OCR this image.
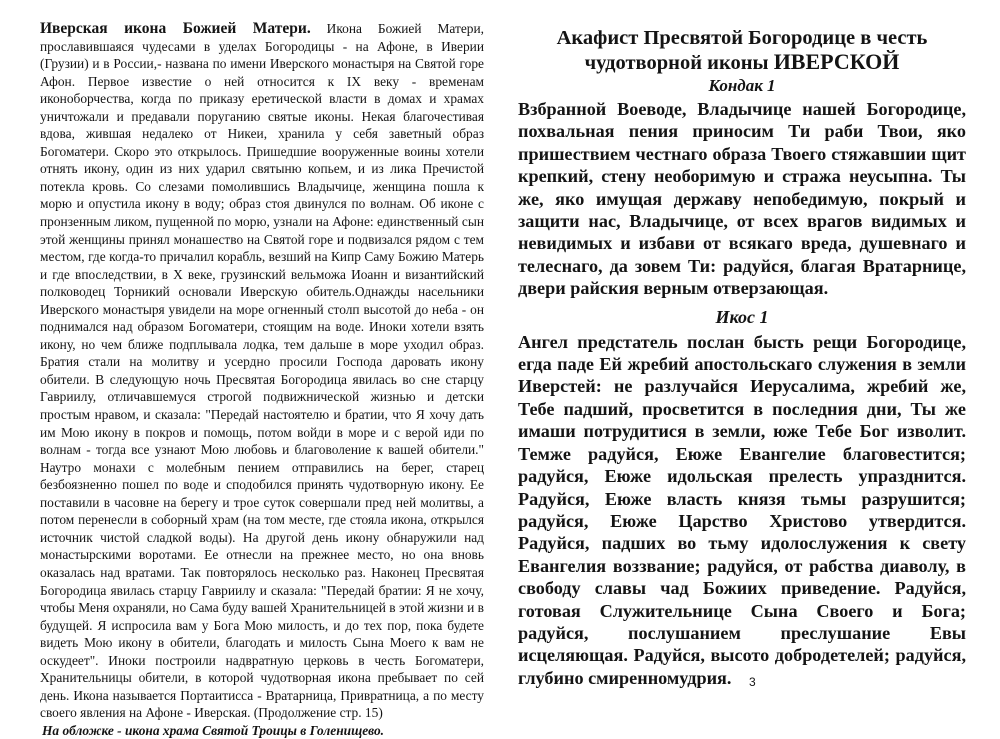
Иверская икона Божией Матери. Икона Божией Матери, прославившаяся чудесами в уделах Богородицы - на Афоне, в Иверии (Грузии) и в России,- названа по имени Иверского монастыря на Святой горе Афон. Первое известие о ней относится к IX веку - временам иконоборчества, когда по приказу еретической власти в домах и храмах уничтожали и предавали поруганию святые иконы. Некая благочестивая вдова, жившая недалеко от Никеи, хранила у себя заветный образ Богоматери. Скоро это открылось. Пришедшие вооруженные воины хотели отнять икону, один из них ударил святыню копьем, и из лика Пречистой потекла кровь. Со слезами помолившись Владычице, женщина пошла к морю и опустила икону в воду; образ стоя двинулся по волнам. Об иконе с пронзенным ликом, пущенной по морю, узнали на Афоне: единственный сын этой женщины принял монашество на Святой горе и подвизался рядом с тем местом, где когда-то причалил корабль, везший на Кипр Саму Божию Матерь и где впоследствии, в X веке, грузинский вельможа Иоанн и византийский полководец Торникий основали Иверскую обитель.Однажды насельники Иверского монастыря увидели на море огненный столп высотой до неба - он поднимался над образом Богоматери, стоящим на воде. Иноки хотели взять икону, но чем ближе подплывала лодка, тем дальше в море уходил образ. Братия стали на молитву и усердно просили Господа даровать икону обители. В следующую ночь Пресвятая Богородица явилась во сне старцу Гавриилу, отличавшемуся строгой подвижнической жизнью и детски простым нравом, и сказала: "Передай настоятелю и братии, что Я хочу дать им Мою икону в покров и помощь, потом войди в море и с верой иди по волнам - тогда все узнают Мою любовь и благоволение к вашей обители." Наутро монахи с молебным пением отправились на берег, старец безбоязненно пошел по воде и сподобился принять чудотворную икону. Ее поставили в часовне на берегу и трое суток совершали пред ней молитвы, а потом перенесли в соборный храм (на том месте, где стояла икона, открылся источник чистой сладкой воды). На другой день икону обнаружили над монастырскими воротами. Ее отнесли на прежнее место, но она вновь оказалась над вратами. Так повторялось несколько раз. Наконец Пресвятая Богородица явилась старцу Гавриилу и сказала: "Передай братии: Я не хочу, чтобы Меня охраняли, но Сама буду вашей Хранительницей в этой жизни и в будущей. Я испросила вам у Бога Мою милость, и до тех пор, пока будете видеть Мою икону в обители, благодать и милость Сына Моего к вам не оскудеет". Иноки построили надвратную церковь в честь Богоматери, Хранительницы обители, в которой чудотворная икона пребывает по сей день. Икона называется Портаитисса - Вратарница, Привратница, а по месту своего явления на Афоне - Иверская. (Продолжение стр. 15)
На обложке - икона храма Святой Троицы в Голенищево.
Акафист Пресвятой Богородице в честь
чудотворной иконы ИВЕРСКОЙ
Кондак 1

Взбранной Воеводе, Владычице нашей Богородице, похвальная пения приносим Ти раби Твои, яко пришествием честнаго образа Твоего стяжавшии щит крепкий, стену необоримую и стража неусыпна. Ты же, яко имущая державу непобедимую, покрый и защити нас, Владычице, от всех врагов видимых и невидимых и избави от всякаго вреда, душевнаго и телеснаго, да зовем Ти: радуйся, благая Вратарнице, двери райския верным отверзающая.

Икос 1

Ангел предстатель послан бысть рещи Богородице, егда паде Ей жребий апостольскаго служения в земли Иверстей: не разлучайся Иерусалима, жребий же, Тебе падший, просветится в последния дни, Ты же имаши потрудитися в земли, юже Тебе Бог изволит. Темже радуйся, Еюже Евангелие благовестится; радуйся, Еюже идольская прелесть упразднится. Радуйся, Еюже власть князя тьмы разрушится; радуйся, Еюже Царство Христово утвердится. Радуйся, падших во тьму идолослужения к свету Евангелия воззвание; радуйся, от рабства диаволу, в свободу славы чад Божиих приведение. Радуйся, готовая Служительнице Сына Своего и Бога; радуйся, послушанием преслушание Евы исцеляющая. Радуйся, высото добродетелей; радуйся, глубино смиренномудрия.	3
